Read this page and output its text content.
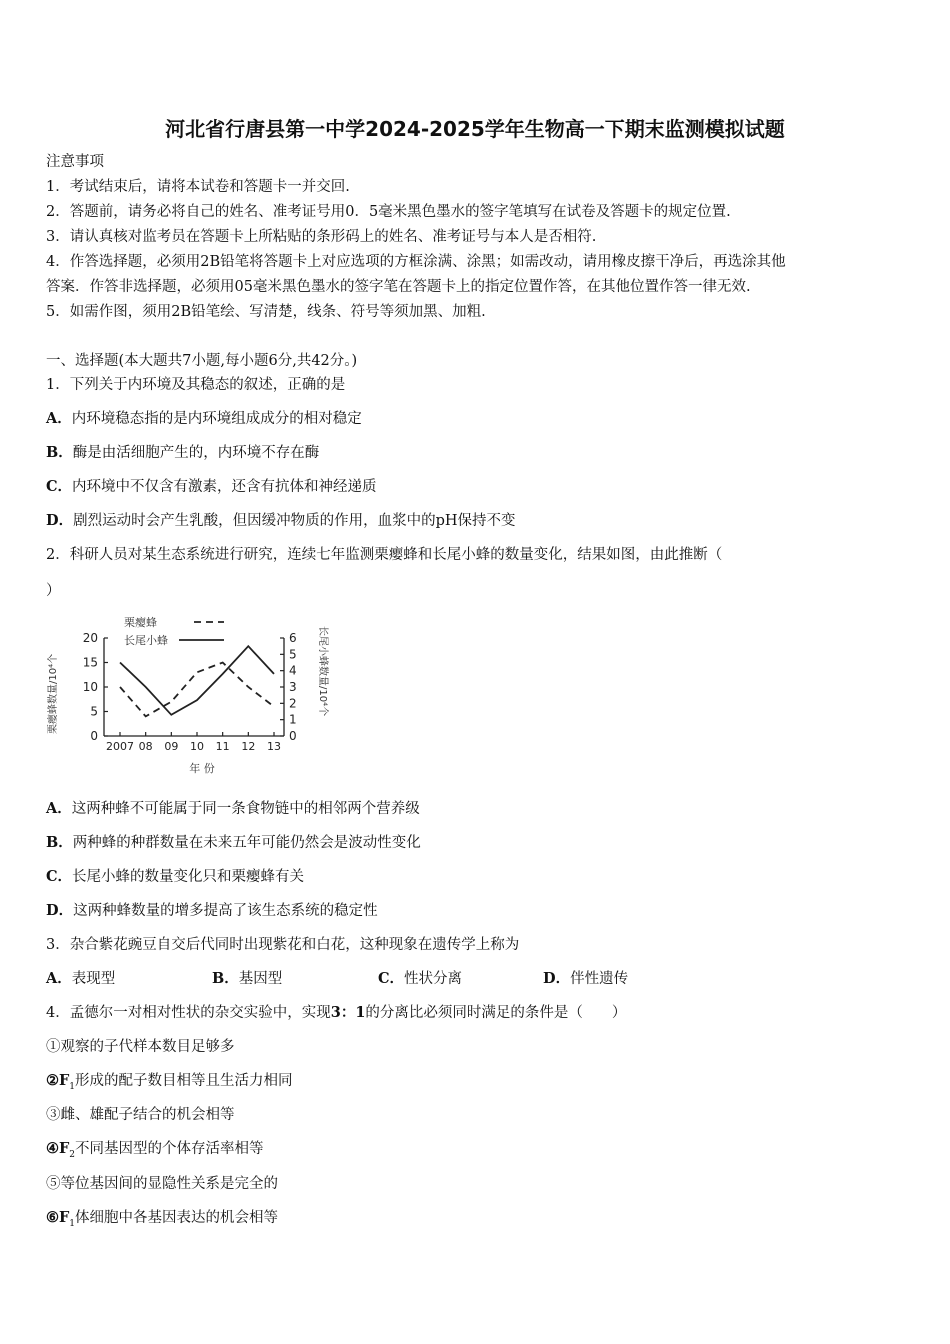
河北省行唐县第一中学2024-2025学年生物高一下期末监测模拟试题
注意事项
1．考试结束后，请将本试卷和答题卡一并交回.
2．答题前，请务必将自己的姓名、准考证号用0．5毫米黑色墨水的签字笔填写在试卷及答题卡的规定位置.
3．请认真核对监考员在答题卡上所粘贴的条形码上的姓名、准考证号与本人是否相符.
4．作答选择题，必须用2B铅笔将答题卡上对应选项的方框涂满、涂黑；如需改动，请用橡皮擦干净后，再选涂其他
答案．作答非选择题，必须用05毫米黑色墨水的签字笔在答题卡上的指定位置作答，在其他位置作答一律无效.
5．如需作图，须用2B铅笔绘、写清楚，线条、符号等须加黑、加粗.
一、选择题(本大题共7小题,每小题6分,共42分。)
1．下列关于内环境及其稳态的叙述，正确的是
A．内环境稳态指的是内环境组成成分的相对稳定
B．酶是由活细胞产生的，内环境不存在酶
C．内环境中不仅含有激素，还含有抗体和神经递质
D．剧烈运动时会产生乳酸，但因缓冲物质的作用，血浆中的pH保持不变
2．科研人员对某生态系统进行研究，连续七年监测栗瘿蜂和长尾小蜂的数量变化，结果如图，由此推断（
）
0
5
10
15
20
0
1
2
3
4
5
6
2007 08 09 10 11 12 13
栗瘿蜂
长尾小蜂
栗瘿蜂数量/10⁴个	长尾小蜂数量/10⁴个
年 份
A．这两种蜂不可能属于同一条食物链中的相邻两个营养级
B．两种蜂的种群数量在未来五年可能仍然会是波动性变化
C．长尾小蜂的数量变化只和栗瘿蜂有关
D．这两种蜂数量的增多提高了该生态系统的稳定性
3．杂合紫花豌豆自交后代同时出现紫花和白花，这种现象在遗传学上称为
A．表现型	B．基因型	C．性状分离	D．伴性遗传
4．孟德尔一对相对性状的杂交实验中，实现3：1的分离比必须同时满足的条件是（　　）
①观察的子代样本数目足够多
$②F_1$形成的配子数目相等且生活力相同
③雌、雄配子结合的机会相等
$④F_2$不同基因型的个体存活率相等
⑤等位基因间的显隐性关系是完全的
$⑥F_1$体细胞中各基因表达的机会相等
